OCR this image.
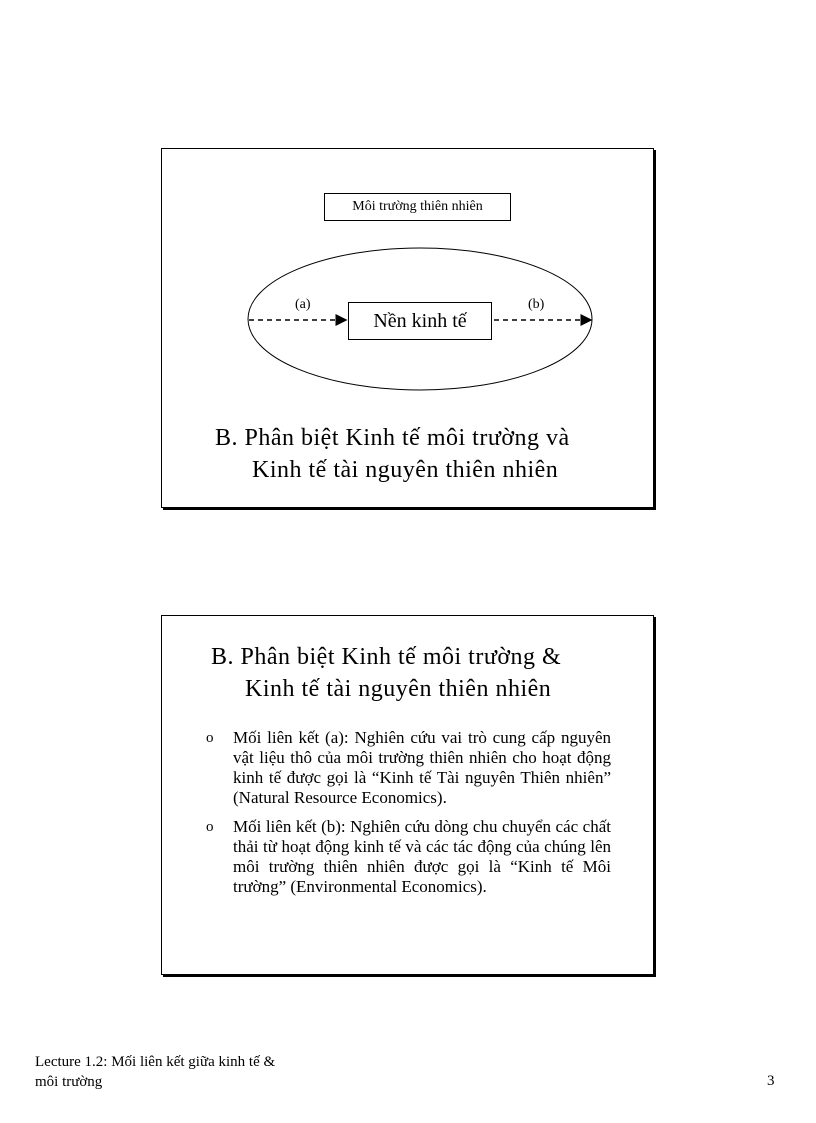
Môi trường thiên nhiên
(a)	(b)
Nền kinh tế
B. Phân biệt Kinh tế môi trường và
Kinh tế tài nguyên thiên nhiên
B. Phân biệt Kinh tế môi trường &
Kinh tế tài nguyên thiên nhiên
o Mối liên kết (a): Nghiên cứu vai trò cung cấp nguyên vật liệu thô của môi trường thiên nhiên cho hoạt động kinh tế được gọi là “Kinh tế Tài nguyên Thiên nhiên” (Natural Resource Economics).
o Mối liên kết (b): Nghiên cứu dòng chu chuyển các chất thải từ hoạt động kinh tế và các tác động của chúng lên môi trường thiên nhiên được gọi là “Kinh tế Môi trường” (Environmental Economics).
Lecture 1.2: Mối liên kết giữa kinh tế &
môi trường	3
